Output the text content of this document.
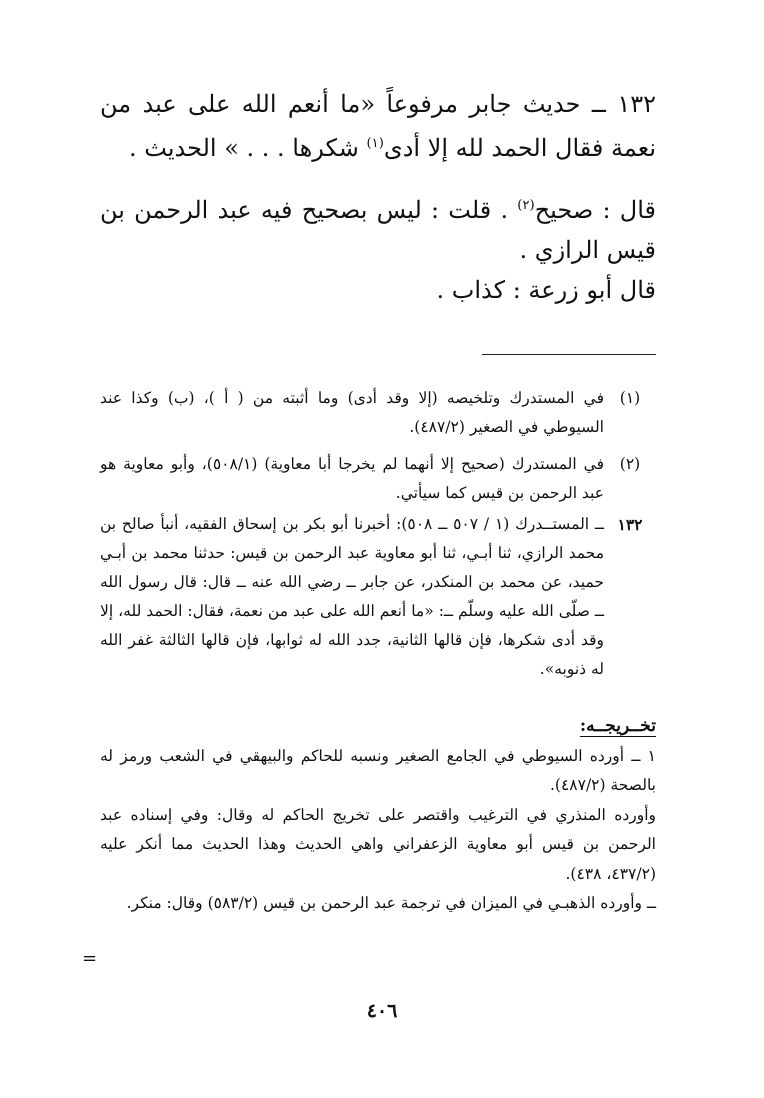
١٣٢ ــ حديث جابر مرفوعاً «ما أنعم الله على عبد من نعمة فقال الحمد لله إلا أدى$^{(١)}$ شكرها . . . » الحديث .

قال : صحيح$^{(٢)}$ . قلت : ليس بصحيح فيه عبد الرحمن بن قيس الرازي .

قال أبو زرعة : كذاب .

(١)
في المستدرك وتلخيصه (إلا وقد أدى) وما أثبته من ( أ )، (ب) وكذا عند السيوطي في الصغير (٤٨٧/٢).
(٢)
في المستدرك (صحيح إلا أنهما لم يخرجا أبا معاوية) (٥٠٨/١)، وأبو معاوية هو عبد الرحمن بن قيس كما سيأتي.
١٣٢
ــ المستــدرك (١ / ٥٠٧ ــ ٥٠٨): أخبرنا أبو بكر بن إسحاق الفقيه، أنبأ صالح بن محمد الرازي، ثنا أبـي، ثنا أبو معاوية عبد الرحمن بن قيس: حدثنا محمد بن أبـي حميد، عن محمد بن المنكدر، عن جابر ــ رضي الله عنه ــ قال: قال رسول الله ــ صلّى الله عليه وسلّم ــ: «ما أنعم الله على عبد من نعمة، فقال: الحمد لله، إلا وقد أدى شكرها، فإن قالها الثانية، جدد الله له ثوابها، فإن قالها الثالثة غفر الله له ذنوبه».

تخــريجــه:

١ ــ أورده السيوطي في الجامع الصغير ونسبه للحاكم والبيهقي في الشعب ورمز له بالصحة (٤٨٧/٢).

وأورده المنذري في الترغيب واقتصر على تخريج الحاكم له وقال: وفي إسناده عبد الرحمن بن قيس أبو معاوية الزعفراني واهي الحديث وهذا الحديث مما أنكر عليه (٤٣٧/٢، ٤٣٨).

ــ وأورده الذهبـي في الميزان في ترجمة عبد الرحمن بن قيس (٥٨٣/٢) وقال: منكر.

=
٤٠٦
